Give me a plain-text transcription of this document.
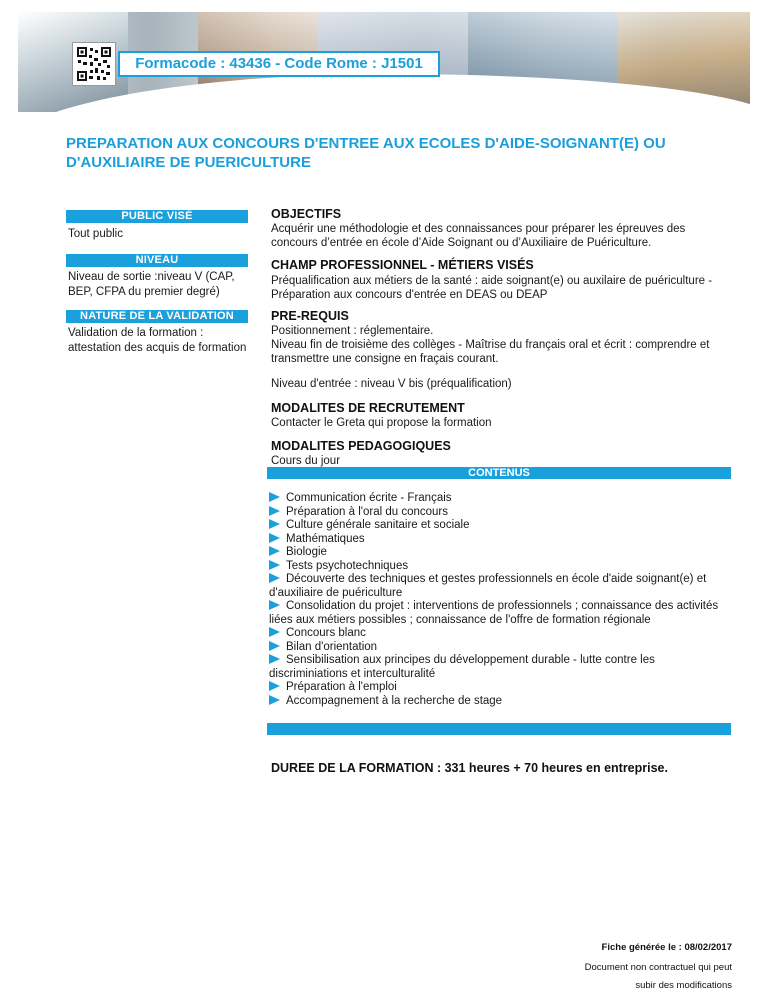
Formacode : 43436 - Code Rome : J1501
PREPARATION AUX CONCOURS D'ENTREE AUX ECOLES D'AIDE-SOIGNANT(E) OU D'AUXILIAIRE DE PUERICULTURE
PUBLIC VISÉ
Tout public
NIVEAU
Niveau de sortie :niveau V (CAP, BEP, CFPA du premier degré)
NATURE DE LA VALIDATION
Validation de la formation : attestation des acquis de formation
OBJECTIFS
Acquérir une méthodologie et des connaissances pour préparer les épreuves des concours d’entrée en école d’Aide Soignant ou d’Auxiliaire de Puériculture.
CHAMP PROFESSIONNEL - MÉTIERS VISÉS
Préqualification aux métiers de la santé : aide soignant(e) ou auxilaire de puériculture - Préparation aux concours d'entrée en DEAS ou DEAP
PRE-REQUIS
Positionnement : réglementaire.
Niveau fin de troisième des collèges - Maîtrise du français oral et écrit : comprendre et transmettre une consigne en fraçais courant.
Niveau d'entrée : niveau V bis (préqualification)
MODALITES DE RECRUTEMENT
Contacter le Greta qui propose la formation
MODALITES PEDAGOGIQUES
Cours du jour
CONTENUS
Communication écrite - Français
Préparation à l'oral du concours
Culture générale sanitaire et sociale
Mathématiques
Biologie
Tests psychotechniques
Découverte des techniques et gestes professionnels en école d'aide soignant(e) et d'auxiliaire de puériculture
Consolidation du projet : interventions de professionnels ; connaissance des activités liées aux métiers possibles ; connaissance de l'offre de formation régionale
Concours blanc
Bilan d'orientation
Sensibilisation aux principes du développement durable - lutte contre les discriminiations et interculturalité
Préparation à l'emploi
Accompagnement à la recherche de stage
DUREE DE LA FORMATION : 331 heures + 70 heures en entreprise.
Fiche générée le : 08/02/2017
Document non contractuel qui peut
subir des modifications
